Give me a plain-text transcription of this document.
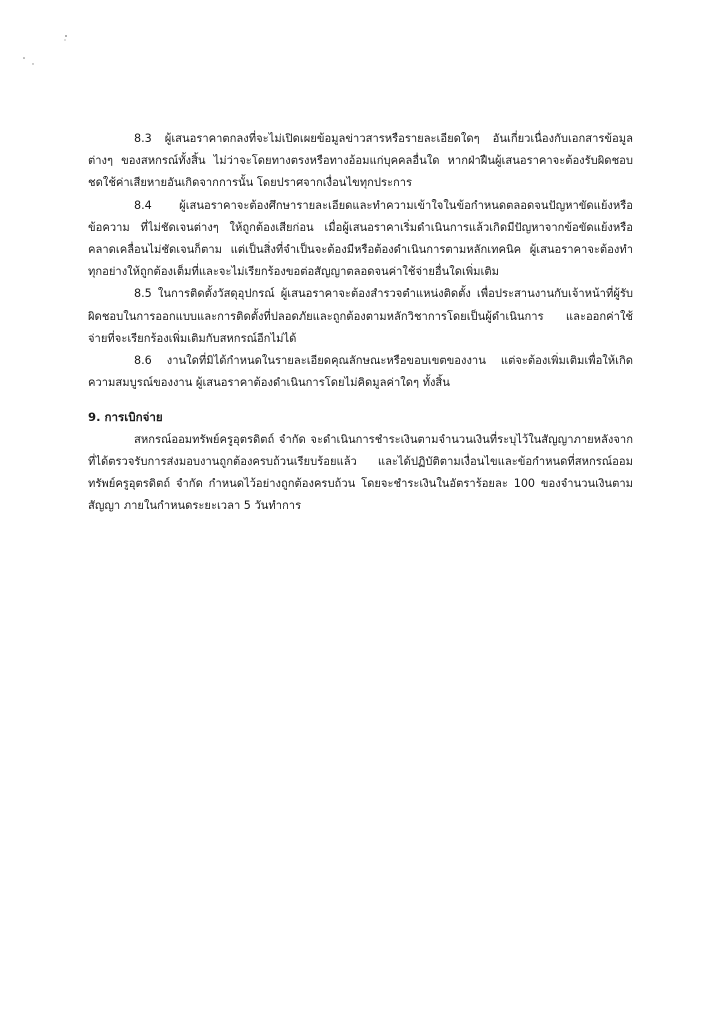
8.3 ผู้เสนอราคาตกลงที่จะไม่เปิดเผยข้อมูลข่าวสารหรือรายละเอียดใดๆ อันเกี่ยวเนื่องกับเอกสารข้อมูลต่างๆ ของสหกรณ์ทั้งสิ้น ไม่ว่าจะโดยทางตรงหรือทางอ้อมแก่บุคคลอื่นใด หากฝ่าฝืนผู้เสนอราคาจะต้องรับผิดชอบชดใช้ค่าเสียหายอันเกิดจากการนั้น โดยปราศจากเงื่อนไขทุกประการ

8.4 ผู้เสนอราคาจะต้องศึกษารายละเอียดและทำความเข้าใจในข้อกำหนดตลอดจนปัญหาขัดแย้งหรือข้อความ ที่ไม่ชัดเจนต่างๆ ให้ถูกต้องเสียก่อน เมื่อผู้เสนอราคาเริ่มดำเนินการแล้วเกิดมีปัญหาจากข้อขัดแย้งหรือคลาดเคลื่อนไม่ชัดเจนก็ตาม แต่เป็นสิ่งที่จำเป็นจะต้องมีหรือต้องดำเนินการตามหลักเทคนิค ผู้เสนอราคาจะต้องทำทุกอย่างให้ถูกต้องเต็มที่และจะไม่เรียกร้องขอต่อสัญญาตลอดจนค่าใช้จ่ายอื่นใดเพิ่มเติม

8.5 ในการติดตั้งวัสดุอุปกรณ์ ผู้เสนอราคาจะต้องสำรวจตำแหน่งติดตั้ง เพื่อประสานงานกับเจ้าหน้าที่ผู้รับผิดชอบในการออกแบบและการติดตั้งที่ปลอดภัยและถูกต้องตามหลักวิชาการโดยเป็นผู้ดำเนินการ และออกค่าใช้จ่ายที่จะเรียกร้องเพิ่มเติมกับสหกรณ์อีกไม่ได้

8.6 งานใดที่มิได้กำหนดในรายละเอียดคุณลักษณะหรือขอบเขตของงาน แต่จะต้องเพิ่มเติมเพื่อให้เกิดความสมบูรณ์ของงาน ผู้เสนอราคาต้องดำเนินการโดยไม่คิดมูลค่าใดๆ ทั้งสิ้น

9. การเบิกจ่าย

สหกรณ์ออมทรัพย์ครูอุตรดิตถ์ จำกัด จะดำเนินการชำระเงินตามจำนวนเงินที่ระบุไว้ในสัญญาภายหลังจากที่ได้ตรวจรับการส่งมอบงานถูกต้องครบถ้วนเรียบร้อยแล้ว และได้ปฏิบัติตามเงื่อนไขและข้อกำหนดที่สหกรณ์ออมทรัพย์ครูอุตรดิตถ์ จำกัด กำหนดไว้อย่างถูกต้องครบถ้วน โดยจะชำระเงินในอัตราร้อยละ 100 ของจำนวนเงินตามสัญญา ภายในกำหนดระยะเวลา 5 วันทำการ
